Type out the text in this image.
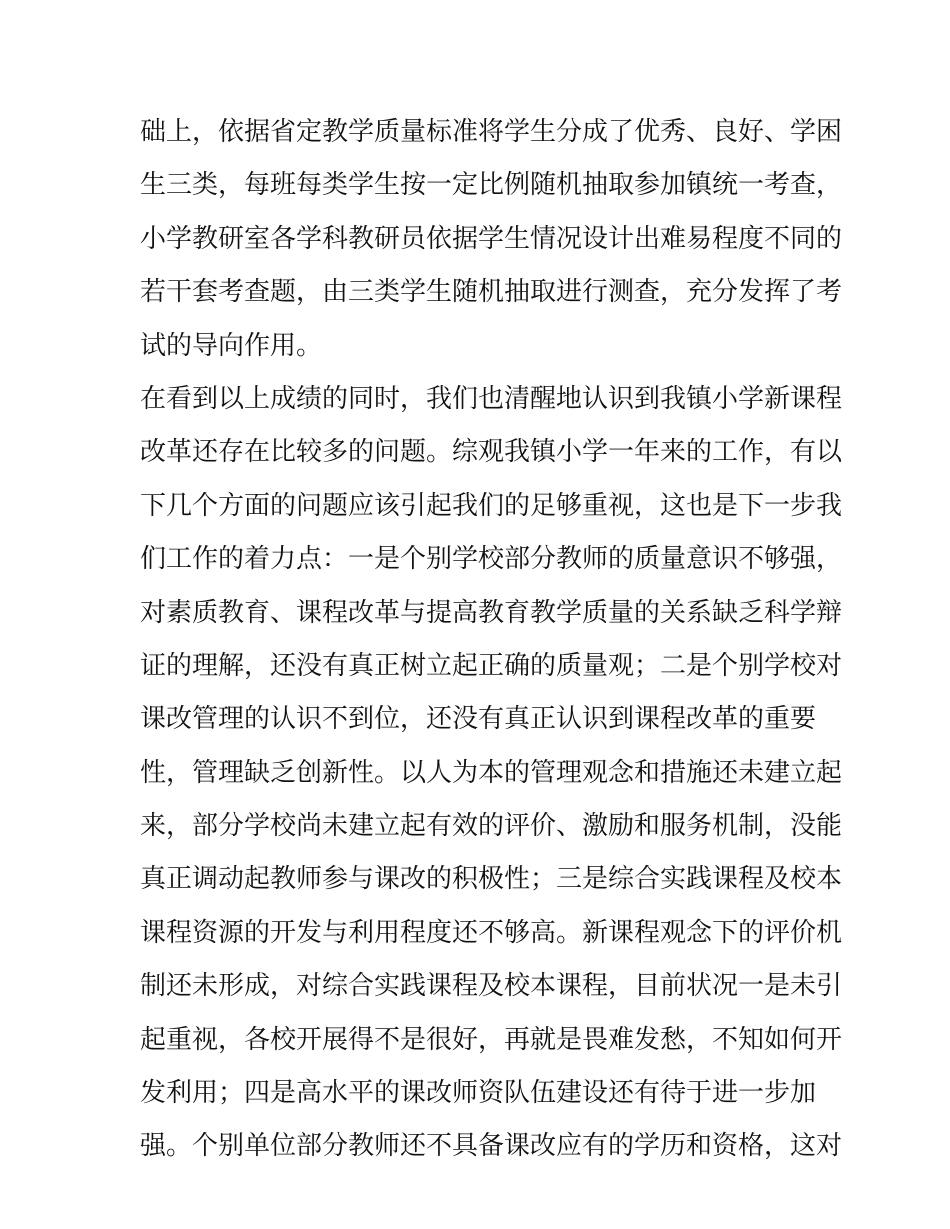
础上，依据省定教学质量标准将学生分成了优秀、良好、学困
生三类，每班每类学生按一定比例随机抽取参加镇统一考查，
小学教研室各学科教研员依据学生情况设计出难易程度不同的
若干套考查题，由三类学生随机抽取进行测查，充分发挥了考
试的导向作用。
在看到以上成绩的同时，我们也清醒地认识到我镇小学新课程
改革还存在比较多的问题。综观我镇小学一年来的工作，有以
下几个方面的问题应该引起我们的足够重视，这也是下一步我
们工作的着力点：一是个别学校部分教师的质量意识不够强，
对素质教育、课程改革与提高教育教学质量的关系缺乏科学辩
证的理解，还没有真正树立起正确的质量观；二是个别学校对
课改管理的认识不到位，还没有真正认识到课程改革的重要
性，管理缺乏创新性。以人为本的管理观念和措施还未建立起
来，部分学校尚未建立起有效的评价、激励和服务机制，没能
真正调动起教师参与课改的积极性；三是综合实践课程及校本
课程资源的开发与利用程度还不够高。新课程观念下的评价机
制还未形成，对综合实践课程及校本课程，目前状况一是未引
起重视，各校开展得不是很好，再就是畏难发愁，不知如何开
发利用；四是高水平的课改师资队伍建设还有待于进一步加
强。个别单位部分教师还不具备课改应有的学历和资格，这对
